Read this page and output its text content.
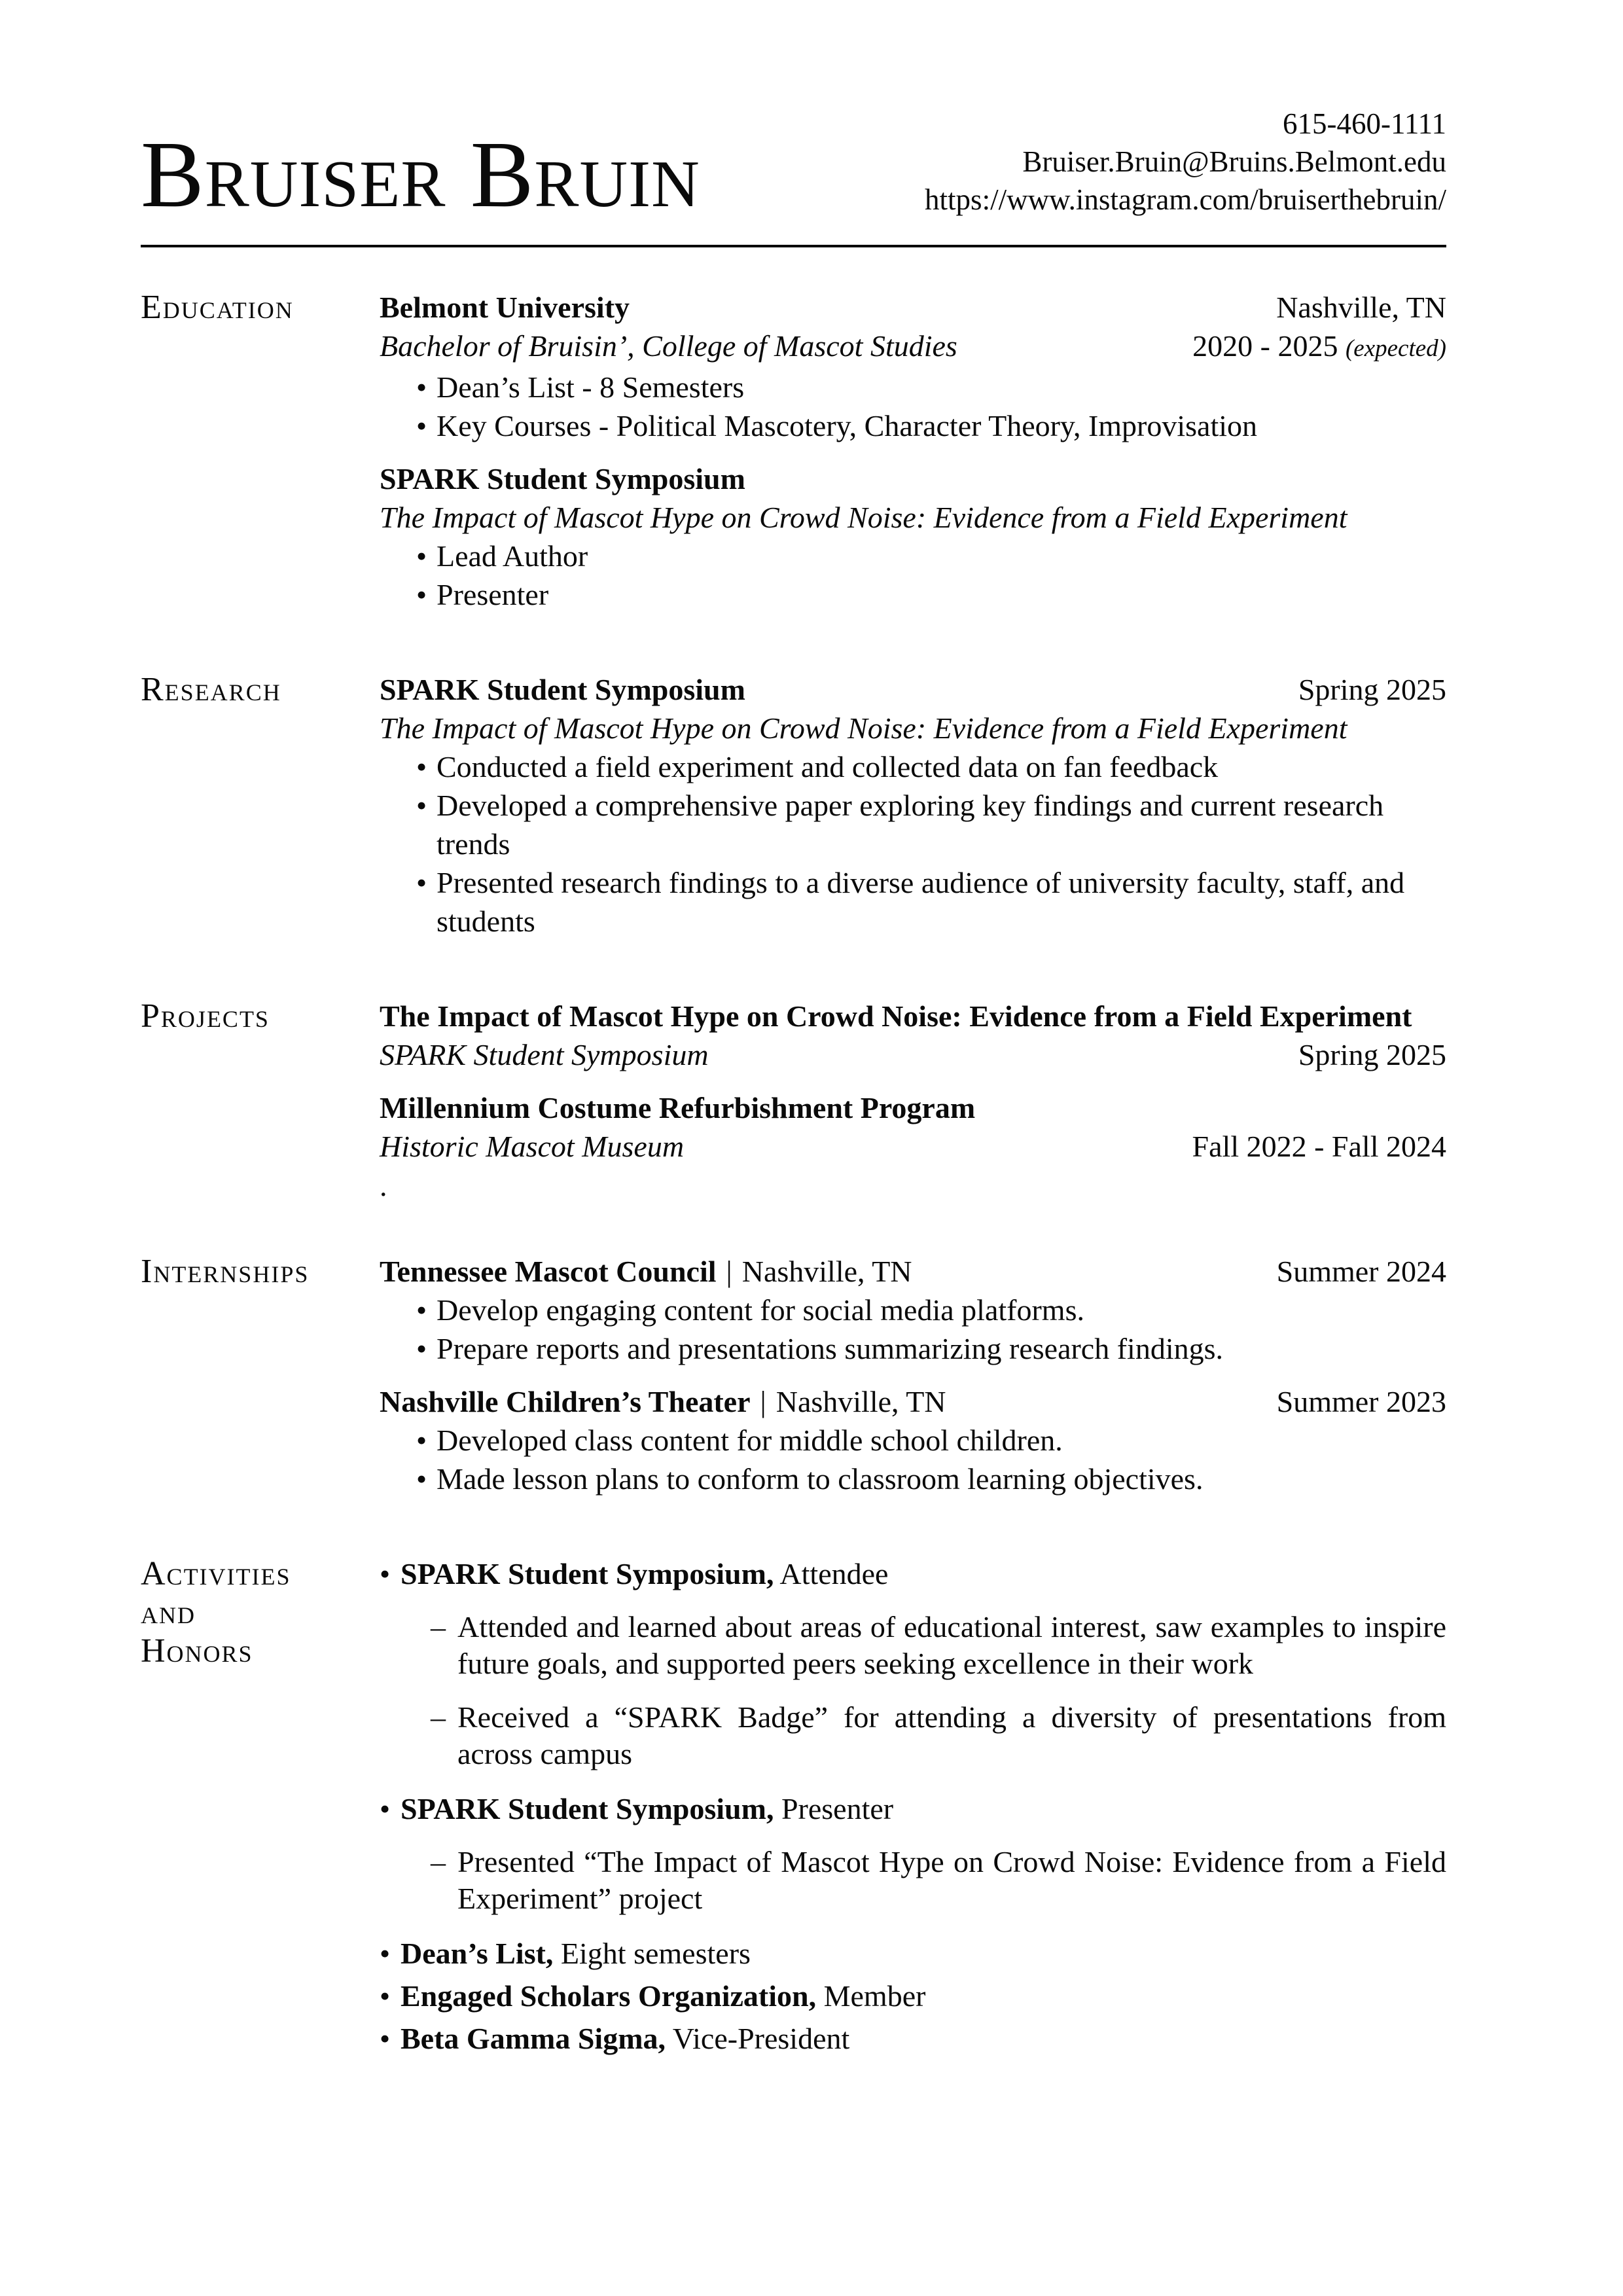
Bruiser Bruin	615-460-1111
Bruiser.Bruin@Bruins.Belmont.edu
https://www.instagram.com/bruiserthebruin/
Education	Belmont University	Nashville, TN
Bachelor of Bruisin’, College of Mascot Studies	2020 - 2025 (expected)
• Dean’s List - 8 Semesters
• Key Courses - Political Mascotery, Character Theory, Improvisation
SPARK Student Symposium
The Impact of Mascot Hype on Crowd Noise: Evidence from a Field Experiment
• Lead Author
• Presenter
Research	SPARK Student Symposium	Spring 2025
The Impact of Mascot Hype on Crowd Noise: Evidence from a Field Experiment
• Conducted a field experiment and collected data on fan feedback
• Developed a comprehensive paper exploring key findings and current research trends
• Presented research findings to a diverse audience of university faculty, staff, and students
Projects	The Impact of Mascot Hype on Crowd Noise: Evidence from a Field Experiment
SPARK Student Symposium	Spring 2025
Millennium Costume Refurbishment Program
Historic Mascot Museum	Fall 2022 - Fall 2024
.
Internships	Tennessee Mascot Council | Nashville, TN	Summer 2024
• Develop engaging content for social media platforms.
• Prepare reports and presentations summarizing research findings.
Nashville Children’s Theater | Nashville, TN	Summer 2023
• Developed class content for middle school children.
• Made lesson plans to conform to classroom learning objectives.
Activities
and
Honors
• SPARK Student Symposium, Attendee
– Attended and learned about areas of educational interest, saw examples to inspire future goals, and supported peers seeking excellence in their work
– Received a “SPARK Badge” for attending a diversity of presentations from across campus
• SPARK Student Symposium, Presenter
– Presented “The Impact of Mascot Hype on Crowd Noise: Evidence from a Field Experiment” project
• Dean’s List, Eight semesters
• Engaged Scholars Organization, Member
• Beta Gamma Sigma, Vice-President
